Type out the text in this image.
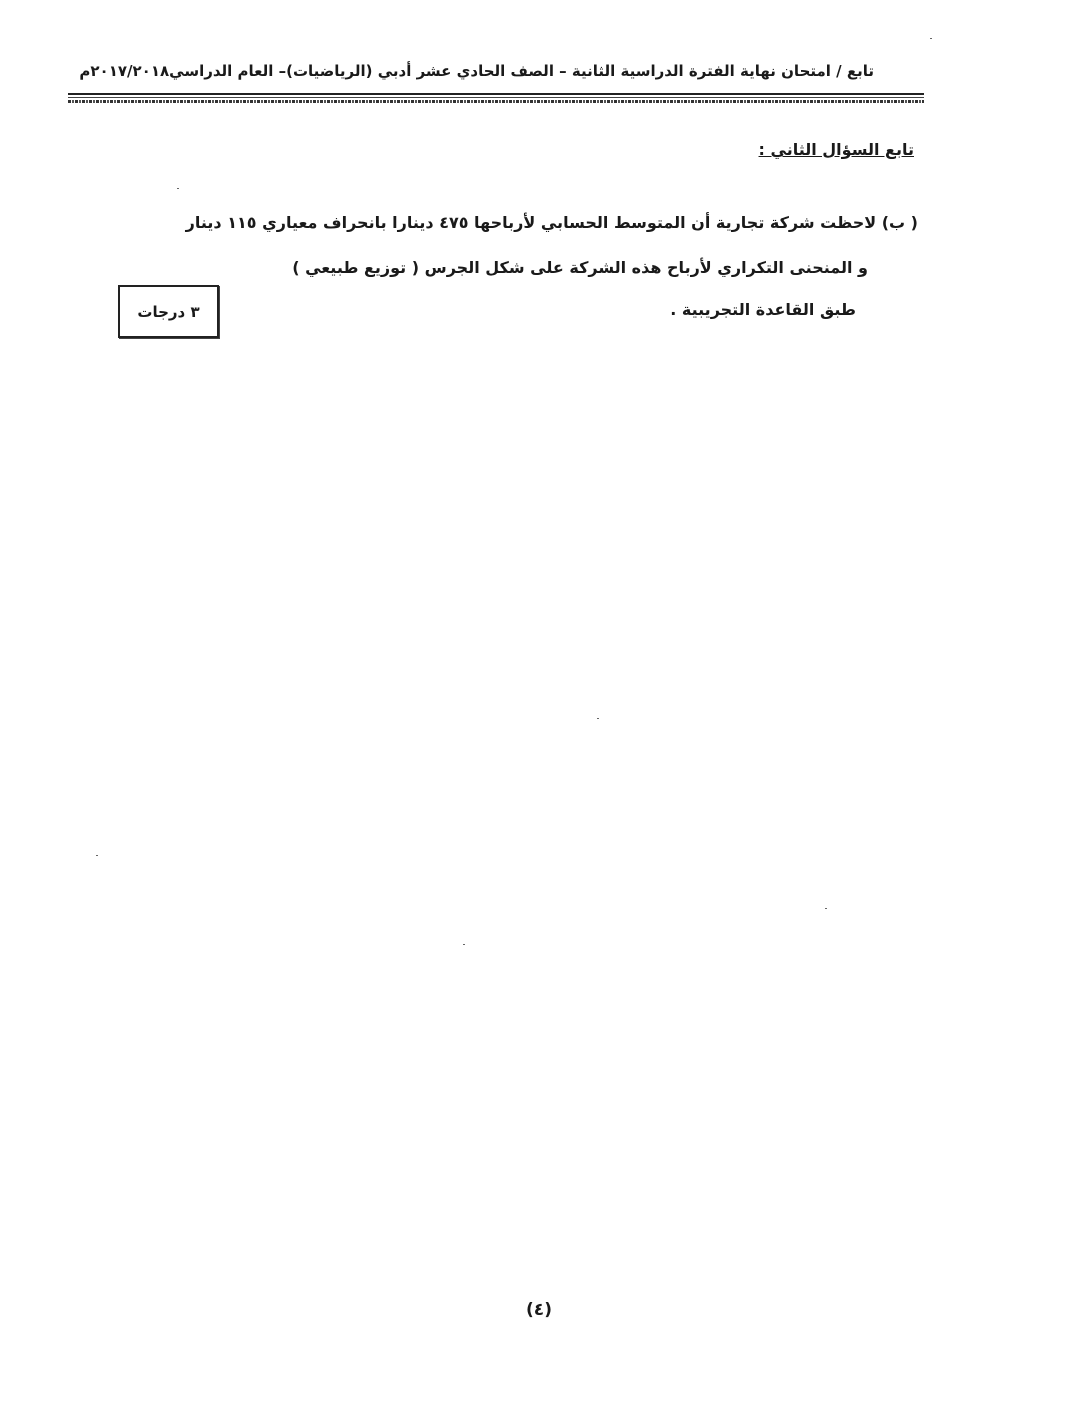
تابع / امتحان نهاية الفترة الدراسية الثانية – الصف الحادي عشر أدبي (الرياضيات)– العام الدراسي٢٠١٧/٢٠١٨م
تابع السؤال الثاني :
( ب) لاحظت شركة تجارية أن المتوسط الحسابي لأرباحها ٤٧٥ دينارا بانحراف معياري ١١٥ دينار
و المنحنى التكراري لأرباح هذه الشركة على شكل الجرس ( توزيع طبيعي )
طبق القاعدة التجريبية .
٣ درجات
(٤)
